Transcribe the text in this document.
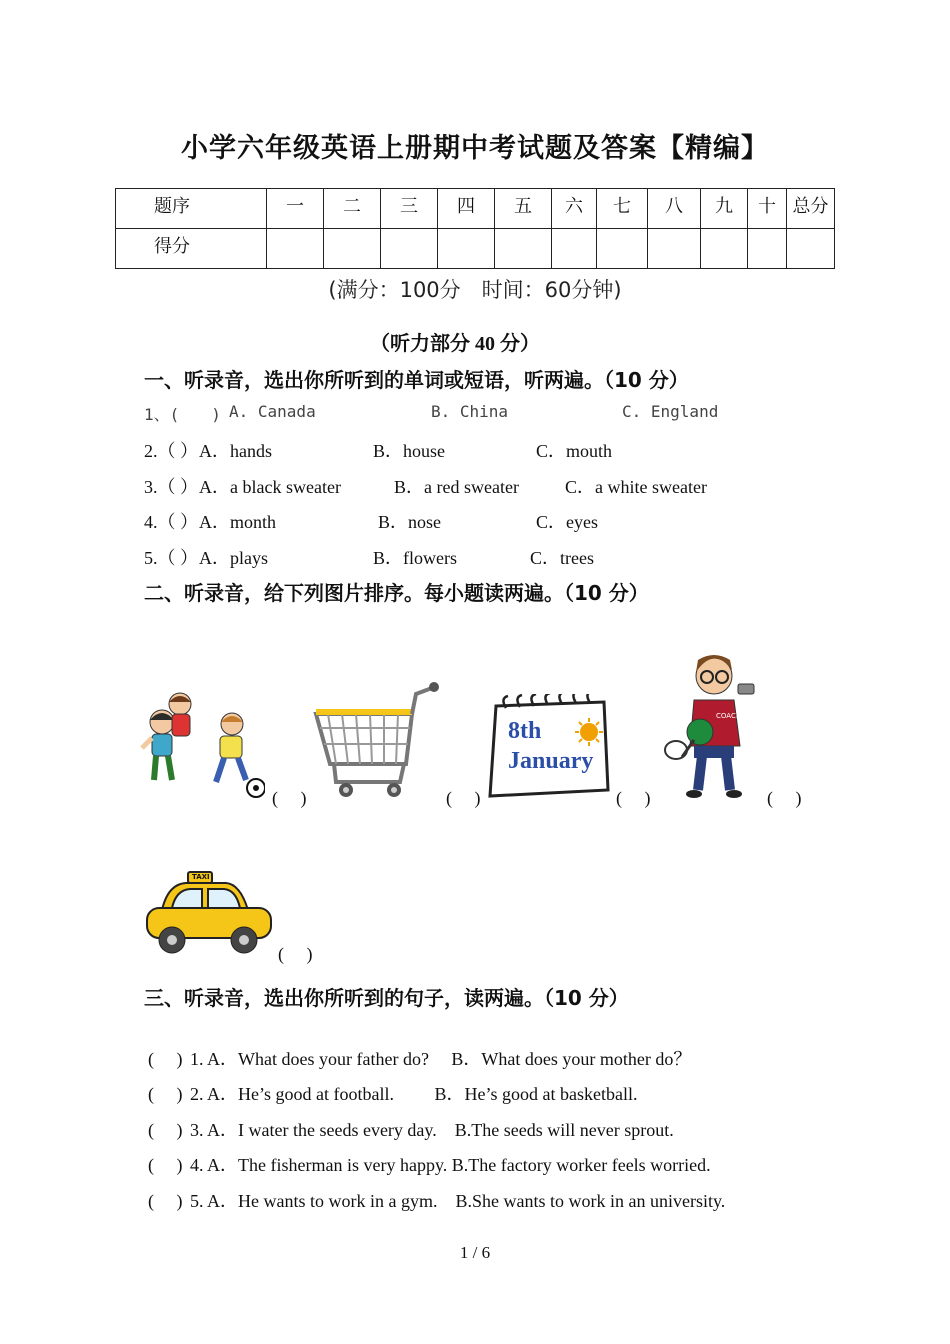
小学六年级英语上册期中考试题及答案【精编】
题序	一	二	三	四	五	六	七	八	九	十	总分
得分											
(满分：100分　时间：60分钟)
（听力部分 40 分）
一、听录音，选出你所听到的单词或短语，听两遍。（10 分）
1、(　　) A. Canada	B. China	C. England
2.（ ） A．hands	B．house	C．mouth
3.（ ） A．a black sweater	B．a red sweater	C．a white sweater
4.（ ） A．month	B．nose	C．eyes
5.（ ） A．plays	B．flowers	C．trees
二、听录音，给下列图片排序。每小题读两遍。（10 分）
(　 )	(　 )
8th
January
(　 )
COACH
(　 )
TAXI
(　 )
三、听录音，选出你所听到的句子，读两遍。（10 分）
(　 ) 1. A．What does your father do?　 B．What does your mother do？
(　 ) 2. A．He’s good at football.　　 B．He’s good at basketball.
(　 ) 3. A．I water the seeds every day.　B.The seeds will never sprout.
(　 ) 4. A．The fisherman is very happy. B.The factory worker feels worried.
(　 ) 5. A．He wants to work in a gym.　B.She wants to work in an university.
1 / 6
